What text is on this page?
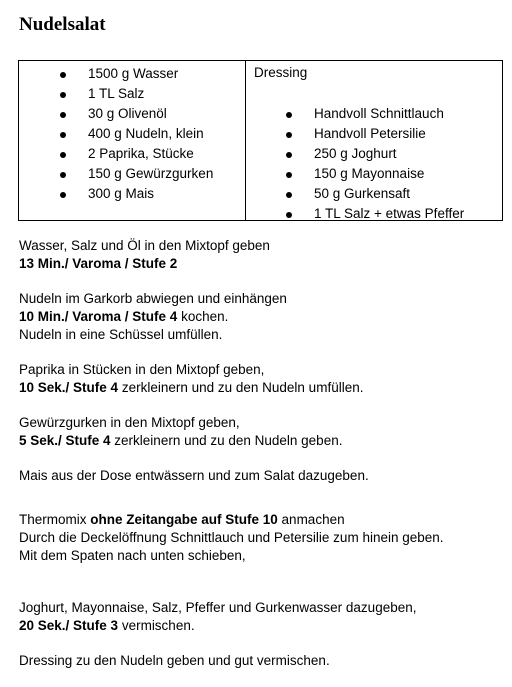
Nudelsalat
1500 g Wasser
1 TL Salz
30 g Olivenöl
400 g Nudeln, klein
2 Paprika, Stücke
150 g Gewürzgurken
300 g Mais
Dressing
Handvoll Schnittlauch
Handvoll Petersilie
250 g Joghurt
150 g Mayonnaise
50 g Gurkensaft
1 TL Salz + etwas Pfeffer
Wasser, Salz und Öl in den Mixtopf geben
13 Min./ Varoma / Stufe 2
Nudeln im Garkorb abwiegen und einhängen
10 Min./ Varoma / Stufe 4 kochen.
Nudeln in eine Schüssel umfüllen.
Paprika in Stücken in den Mixtopf geben,
10 Sek./ Stufe 4 zerkleinern und zu den Nudeln umfüllen.
Gewürzgurken in den Mixtopf geben,
5 Sek./ Stufe 4 zerkleinern und zu den Nudeln geben.
Mais aus der Dose entwässern und zum Salat dazugeben.
Thermomix ohne Zeitangabe auf Stufe 10 anmachen
Durch die Deckelöffnung Schnittlauch und Petersilie zum hinein geben.
Mit dem Spaten nach unten schieben,
Joghurt, Mayonnaise, Salz, Pfeffer und Gurkenwasser dazugeben,
20 Sek./ Stufe 3 vermischen.
Dressing zu den Nudeln geben und gut vermischen.
